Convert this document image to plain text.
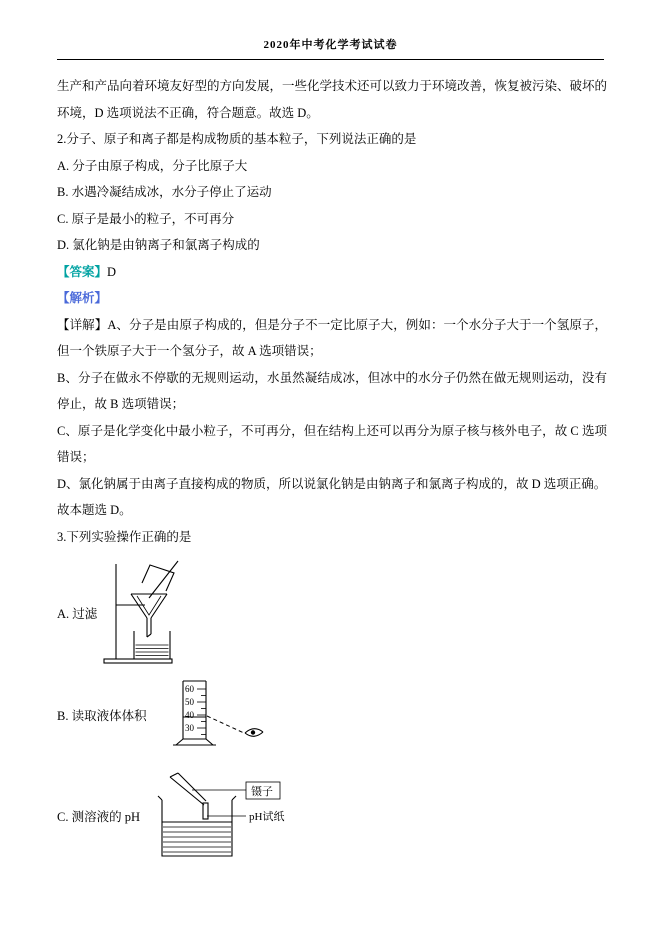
2020年中考化学考试试卷

生产和产品向着环境友好型的方向发展，一些化学技术还可以致力于环境改善，恢复被污染、破坏的环境，D 选项说法不正确，符合题意。故选 D。

2.分子、原子和离子都是构成物质的基本粒子，下列说法正确的是

A. 分子由原子构成，分子比原子大

B. 水遇冷凝结成冰，水分子停止了运动

C. 原子是最小的粒子，不可再分

D. 氯化钠是由钠离子和氯离子构成的

【答案】D

【解析】

【详解】A、分子是由原子构成的，但是分子不一定比原子大，例如：一个水分子大于一个氢原子，但一个铁原子大于一个氢分子，故 A 选项错误；

B、分子在做永不停歇的无规则运动，水虽然凝结成冰，但冰中的水分子仍然在做无规则运动，没有停止，故 B 选项错误；

C、原子是化学变化中最小粒子，不可再分，但在结构上还可以再分为原子核与核外电子，故 C 选项错误；

D、氯化钠属于由离子直接构成的物质，所以说氯化钠是由钠离子和氯离子构成的，故 D 选项正确。

故本题选 D。

3.下列实验操作正确的是

A. 过滤
B. 读取液体体积
60
50
40
30
C. 测溶液的 pH
镊子
pH试纸
